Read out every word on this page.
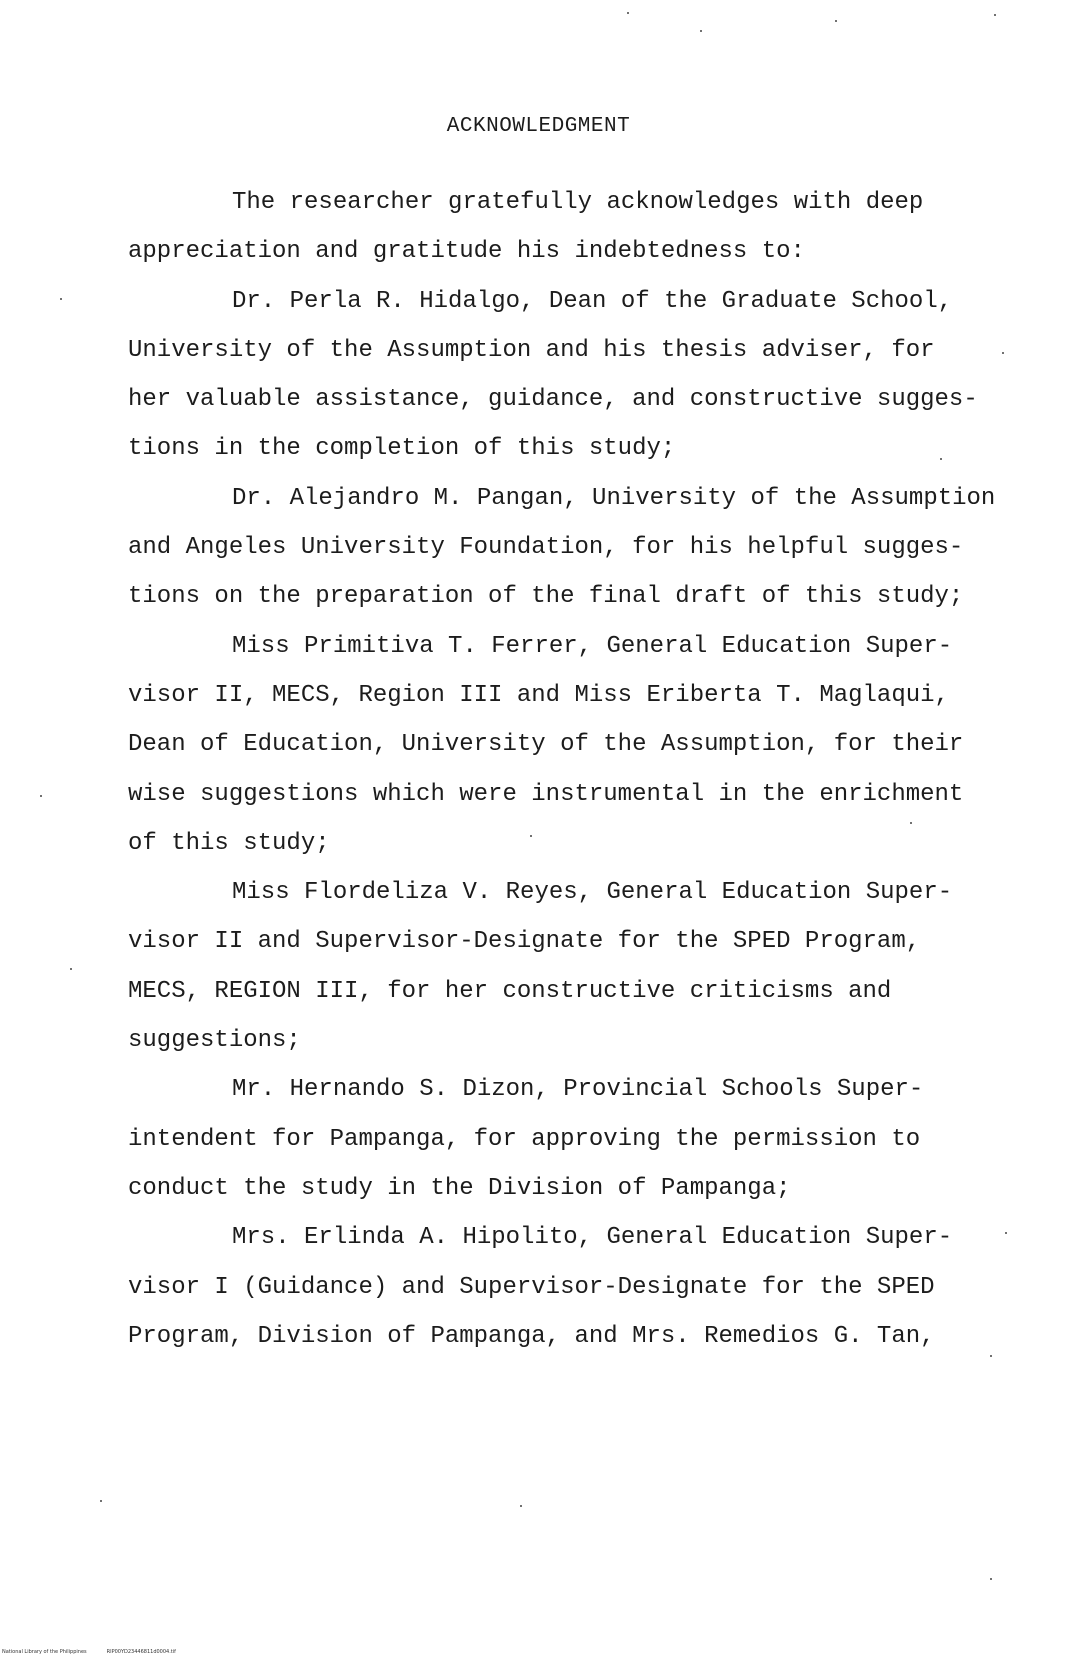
ACKNOWLEDGMENT
The researcher gratefully acknowledges with deep
appreciation and gratitude his indebtedness to:
Dr. Perla R. Hidalgo, Dean of the Graduate School,
University of the Assumption and his thesis adviser, for
her valuable assistance, guidance, and constructive sugges-
tions in the completion of this study;
Dr. Alejandro M. Pangan, University of the Assumption
and Angeles University Foundation, for his helpful sugges-
tions on the preparation of the final draft of this study;
Miss Primitiva T. Ferrer, General Education Super-
visor II, MECS, Region III and Miss Eriberta T. Maglaqui,
Dean of Education, University of the Assumption, for their
wise suggestions which were instrumental in the enrichment
of this study;
Miss Flordeliza V. Reyes, General Education Super-
visor II and Supervisor-Designate for the SPED Program,
MECS, REGION III, for her constructive criticisms and
suggestions;
Mr. Hernando S. Dizon, Provincial Schools Super-
intendent for Pampanga, for approving the permission to
conduct the study in the Division of Pampanga;
Mrs. Erlinda A. Hipolito, General Education Super-
visor I (Guidance) and Supervisor-Designate for the SPED
Program, Division of Pampanga, and Mrs. Remedios G. Tan,
National Library of the Philippines	RIP00YD23446811d0004.tif
